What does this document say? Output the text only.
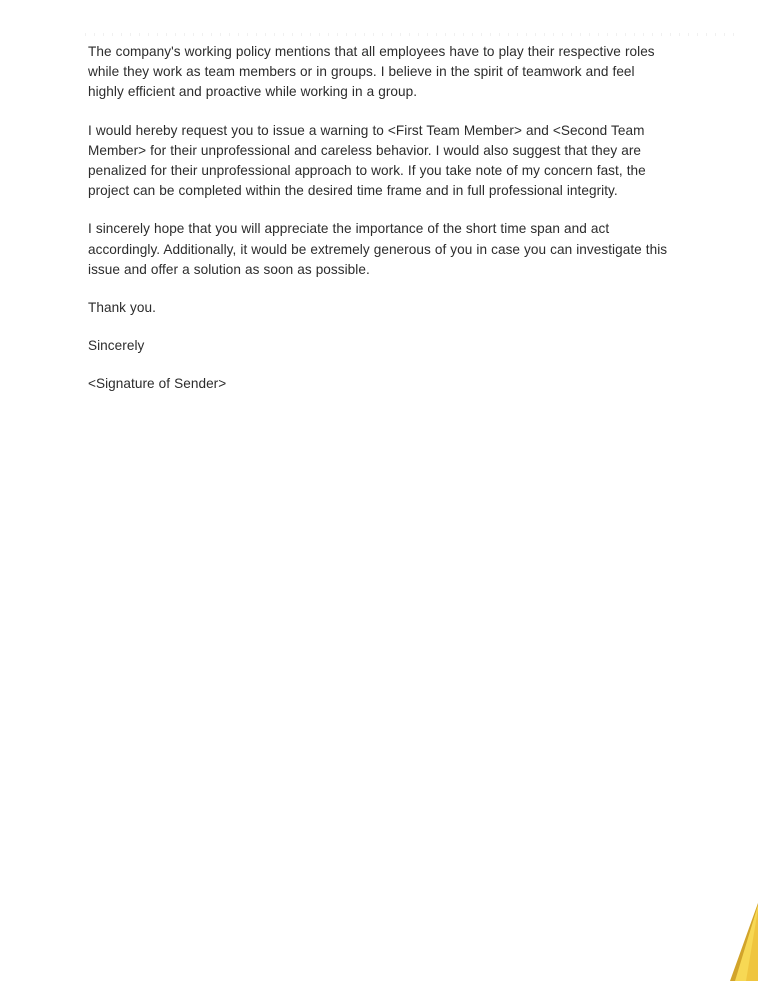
The company's working policy mentions that all employees have to play their respective roles while they work as team members or in groups. I believe in the spirit of teamwork and feel highly efficient and proactive while working in a group.

I would hereby request you to issue a warning to <First Team Member> and <Second Team Member> for their unprofessional and careless behavior. I would also suggest that they are penalized for their unprofessional approach to work. If you take note of my concern fast, the project can be completed within the desired time frame and in full professional integrity.

I sincerely hope that you will appreciate the importance of the short time span and act accordingly. Additionally, it would be extremely generous of you in case you can investigate this issue and offer a solution as soon as possible.

Thank you.

Sincerely

<Signature of Sender>
